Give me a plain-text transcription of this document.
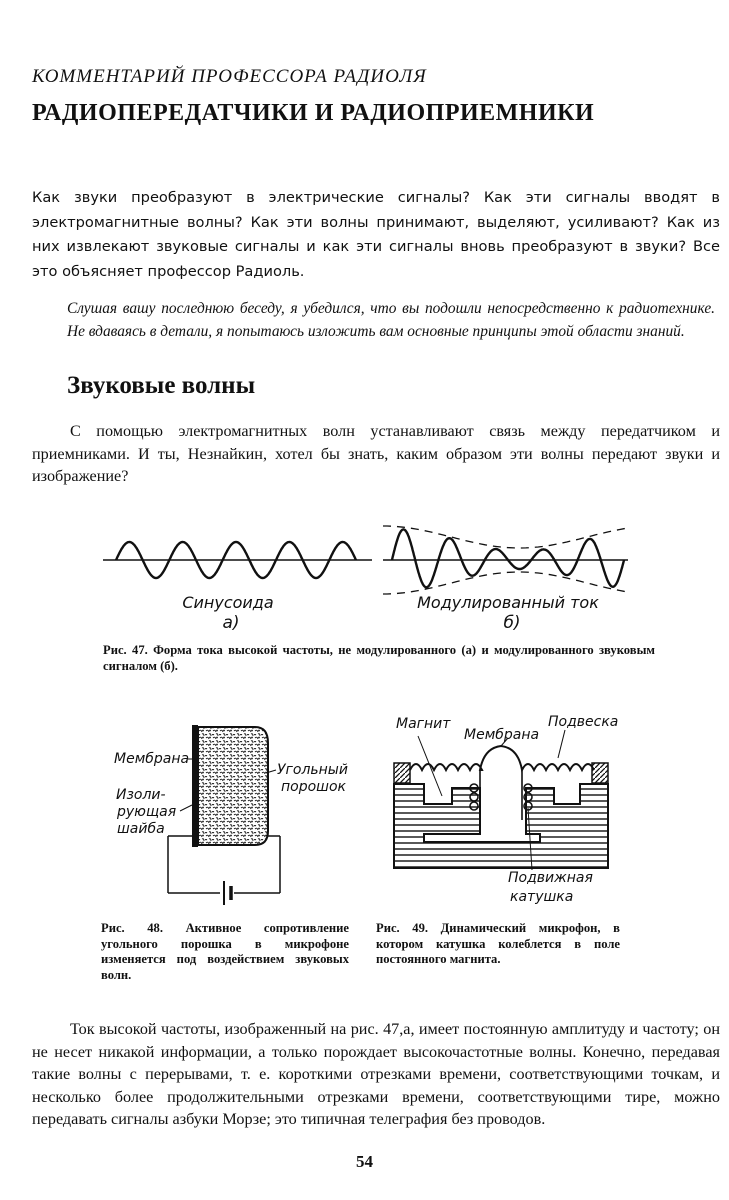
КОММЕНТАРИЙ ПРОФЕССОРА РАДИОЛЯ
РАДИОПЕРЕДАТЧИКИ И РАДИОПРИЕМНИКИ
Как звуки преобразуют в электрические сигналы? Как эти сигналы вводят в электромагнитные волны? Как эти волны принимают, выделяют, усиливают? Как из них извлекают звуковые сигналы и как эти сигналы вновь преобразуют в звуки? Все это объясняет профессор Радиоль.
Слушая вашу последнюю беседу, я убедился, что вы подошли непосредственно к радиотехнике. Не вдаваясь в детали, я попытаюсь изложить вам основные принципы этой области знаний.
Звуковые волны
С помощью электромагнитных волн устанавливают связь между передатчиком и приемниками. И ты, Незнайкин, хотел бы знать, каким образом эти волны передают звуки и изображение?
Синусоида
а)
Модулированный ток
б)
Рис. 47. Форма тока высокой частоты, не модулированного (а) и модулированного звуковым сигналом (б).
Мембрана
Изоли-
рующая
шайба
Угольный
порошок
Магнит
Мембрана
Подвеска
Подвижная
катушка
Рис. 48. Активное сопротивление угольного порошка в микрофоне изменяется под воздействием звуковых волн.
Рис. 49. Динамический микрофон, в котором катушка колеблется в поле постоянного магнита.
Ток высокой частоты, изображенный на рис. 47,а, имеет постоянную амплитуду и частоту; он не несет никакой информации, а только порождает высокочастотные волны. Конечно, передавая такие волны с перерывами, т. е. короткими отрезками времени, соответствующими точкам, и несколько более продолжительными отрезками времени, соответствующими тире, можно передавать сигналы азбуки Морзе; это типичная телеграфия без проводов.
54
